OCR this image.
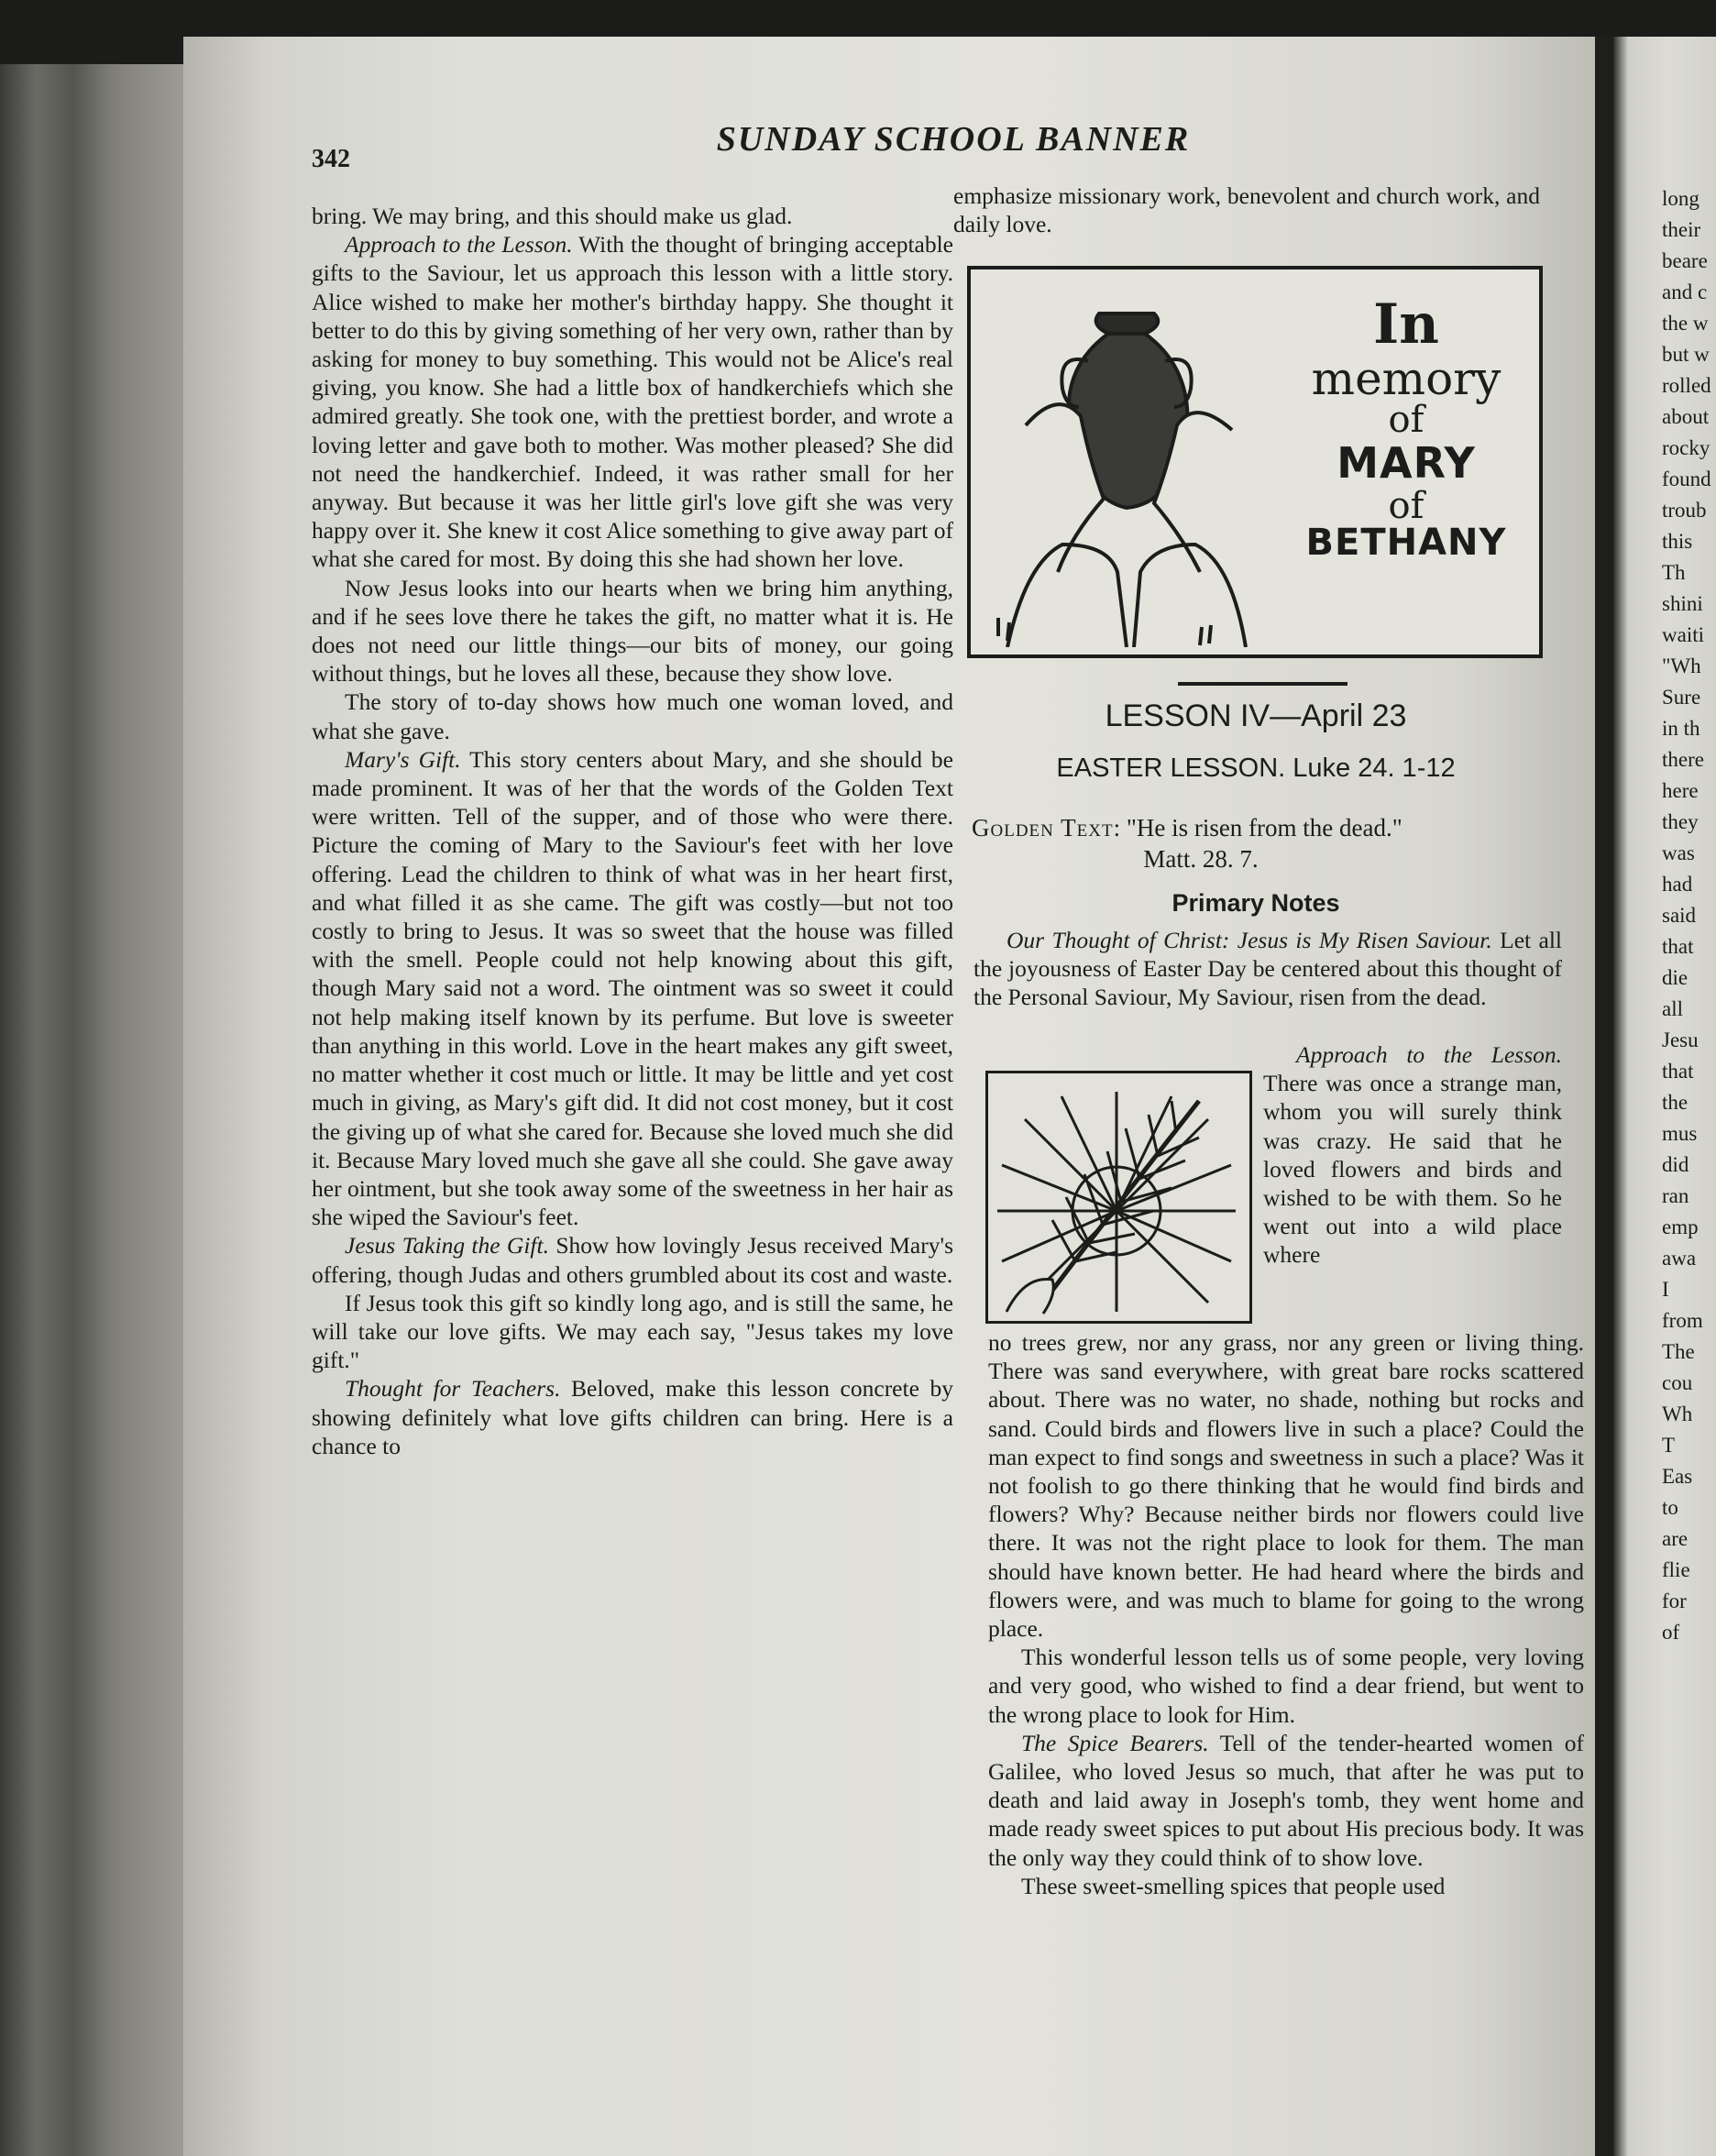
342
SUNDAY SCHOOL BANNER

bring. We may bring, and this should make us glad.

Approach to the Lesson. With the thought of bringing acceptable gifts to the Saviour, let us approach this lesson with a little story. Alice wished to make her mother's birthday happy. She thought it better to do this by giving something of her very own, rather than by asking for money to buy something. This would not be Alice's real giving, you know. She had a little box of handkerchiefs which she admired greatly. She took one, with the prettiest border, and wrote a loving letter and gave both to mother. Was mother pleased? She did not need the handkerchief. Indeed, it was rather small for her anyway. But because it was her little girl's love gift she was very happy over it. She knew it cost Alice something to give away part of what she cared for most. By doing this she had shown her love.

Now Jesus looks into our hearts when we bring him anything, and if he sees love there he takes the gift, no matter what it is. He does not need our little things—our bits of money, our going without things, but he loves all these, because they show love.

The story of to-day shows how much one woman loved, and what she gave.

Mary's Gift. This story centers about Mary, and she should be made prominent. It was of her that the words of the Golden Text were written. Tell of the supper, and of those who were there. Picture the coming of Mary to the Saviour's feet with her love offering. Lead the children to think of what was in her heart first, and what filled it as she came. The gift was costly—but not too costly to bring to Jesus. It was so sweet that the house was filled with the smell. People could not help knowing about this gift, though Mary said not a word. The ointment was so sweet it could not help making itself known by its perfume. But love is sweeter than anything in this world. Love in the heart makes any gift sweet, no matter whether it cost much or little. It may be little and yet cost much in giving, as Mary's gift did. It did not cost money, but it cost the giving up of what she cared for. Because she loved much she did it. Because Mary loved much she gave all she could. She gave away her ointment, but she took away some of the sweetness in her hair as she wiped the Saviour's feet.

Jesus Taking the Gift. Show how lovingly Jesus received Mary's offering, though Judas and others grumbled about its cost and waste.

If Jesus took this gift so kindly long ago, and is still the same, he will take our love gifts. We may each say, "Jesus takes my love gift."

Thought for Teachers. Beloved, make this lesson concrete by showing definitely what love gifts children can bring. Here is a chance to

emphasize missionary work, benevolent and church work, and daily love.

In
memory
of
MARY
of
BETHANY
LESSON IV—April 23
EASTER LESSON. Luke 24. 1-12
Golden Text: "He is risen from the dead."
Matt. 28. 7.
Primary Notes

Our Thought of Christ: Jesus is My Risen Saviour. Let all the joyousness of Easter Day be centered about this thought of the Personal Saviour, My Saviour, risen from the dead.

Approach to the Lesson. There was once a strange man, whom you will surely think was crazy. He said that he loved flowers and birds and wished to be with them. So he went out into a wild place where

no trees grew, nor any grass, nor any green or living thing. There was sand everywhere, with great bare rocks scattered about. There was no water, no shade, nothing but rocks and sand. Could birds and flowers live in such a place? Could the man expect to find songs and sweetness in such a place? Was it not foolish to go there thinking that he would find birds and flowers? Why? Because neither birds nor flowers could live there. It was not the right place to look for them. The man should have known better. He had heard where the birds and flowers were, and was much to blame for going to the wrong place.

This wonderful lesson tells us of some people, very loving and very good, who wished to find a dear friend, but went to the wrong place to look for Him.

The Spice Bearers. Tell of the tender-hearted women of Galilee, who loved Jesus so much, that after he was put to death and laid away in Joseph's tomb, they went home and made ready sweet spices to put about His precious body. It was the only way they could think of to show love.

These sweet-smelling spices that people used

long
their
beare
and c
the w
but w
rolled
about
rocky
found
troub
this
Th
shini
waiti
"Wh
Sure
in th
there
here
they
was
had
said
that
die
all
Jesu
that
the
mus
did
ran
emp
awa
I
from
The
cou
Wh
T
Eas
to
are
flie
for
of
